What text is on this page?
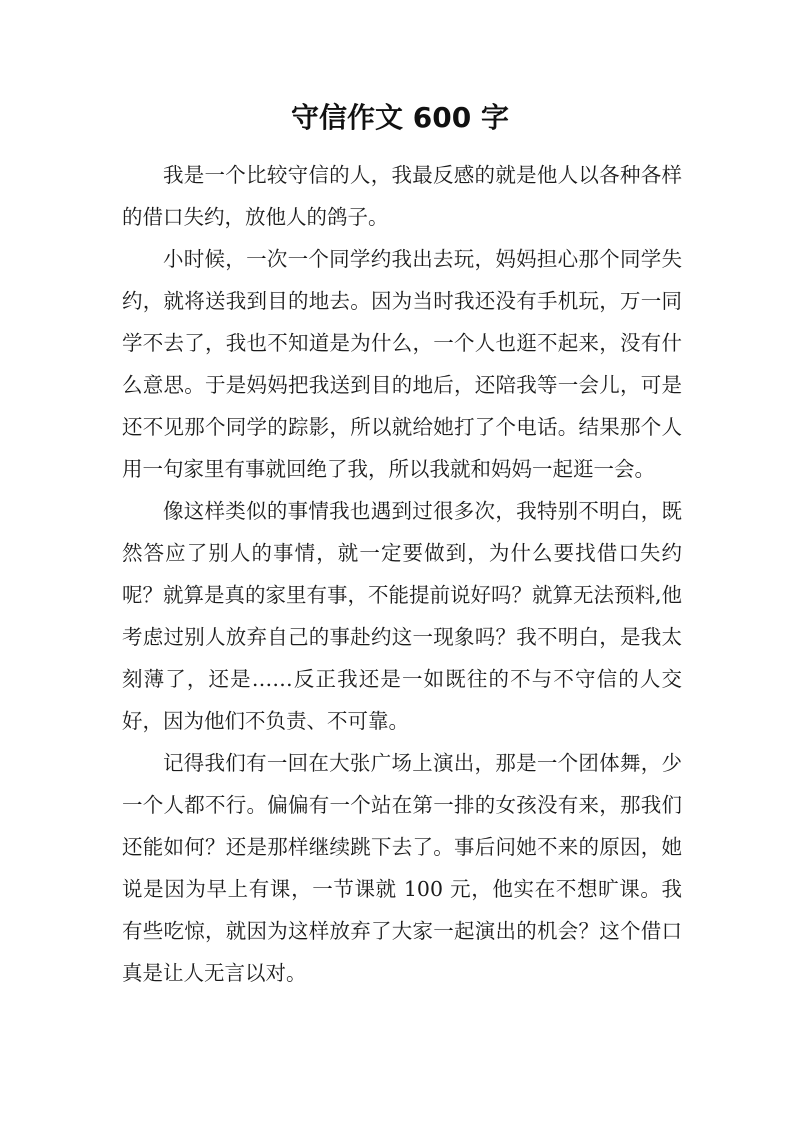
守信作文 600 字

我是一个比较守信的人，我最反感的就是他人以各种各样的借口失约，放他人的鸽子。

小时候，一次一个同学约我出去玩，妈妈担心那个同学失约，就将送我到目的地去。因为当时我还没有手机玩，万一同学不去了，我也不知道是为什么，一个人也逛不起来，没有什么意思。于是妈妈把我送到目的地后，还陪我等一会儿，可是还不见那个同学的踪影，所以就给她打了个电话。结果那个人用一句家里有事就回绝了我，所以我就和妈妈一起逛一会。

像这样类似的事情我也遇到过很多次，我特别不明白，既然答应了别人的事情，就一定要做到，为什么要找借口失约呢？就算是真的家里有事，不能提前说好吗？就算无法预料,他考虑过别人放弃自己的事赴约这一现象吗？我不明白，是我太刻薄了，还是……反正我还是一如既往的不与不守信的人交好，因为他们不负责、不可靠。

记得我们有一回在大张广场上演出，那是一个团体舞，少一个人都不行。偏偏有一个站在第一排的女孩没有来，那我们还能如何？还是那样继续跳下去了。事后问她不来的原因，她说是因为早上有课，一节课就 100 元，他实在不想旷课。我有些吃惊，就因为这样放弃了大家一起演出的机会？这个借口真是让人无言以对。
